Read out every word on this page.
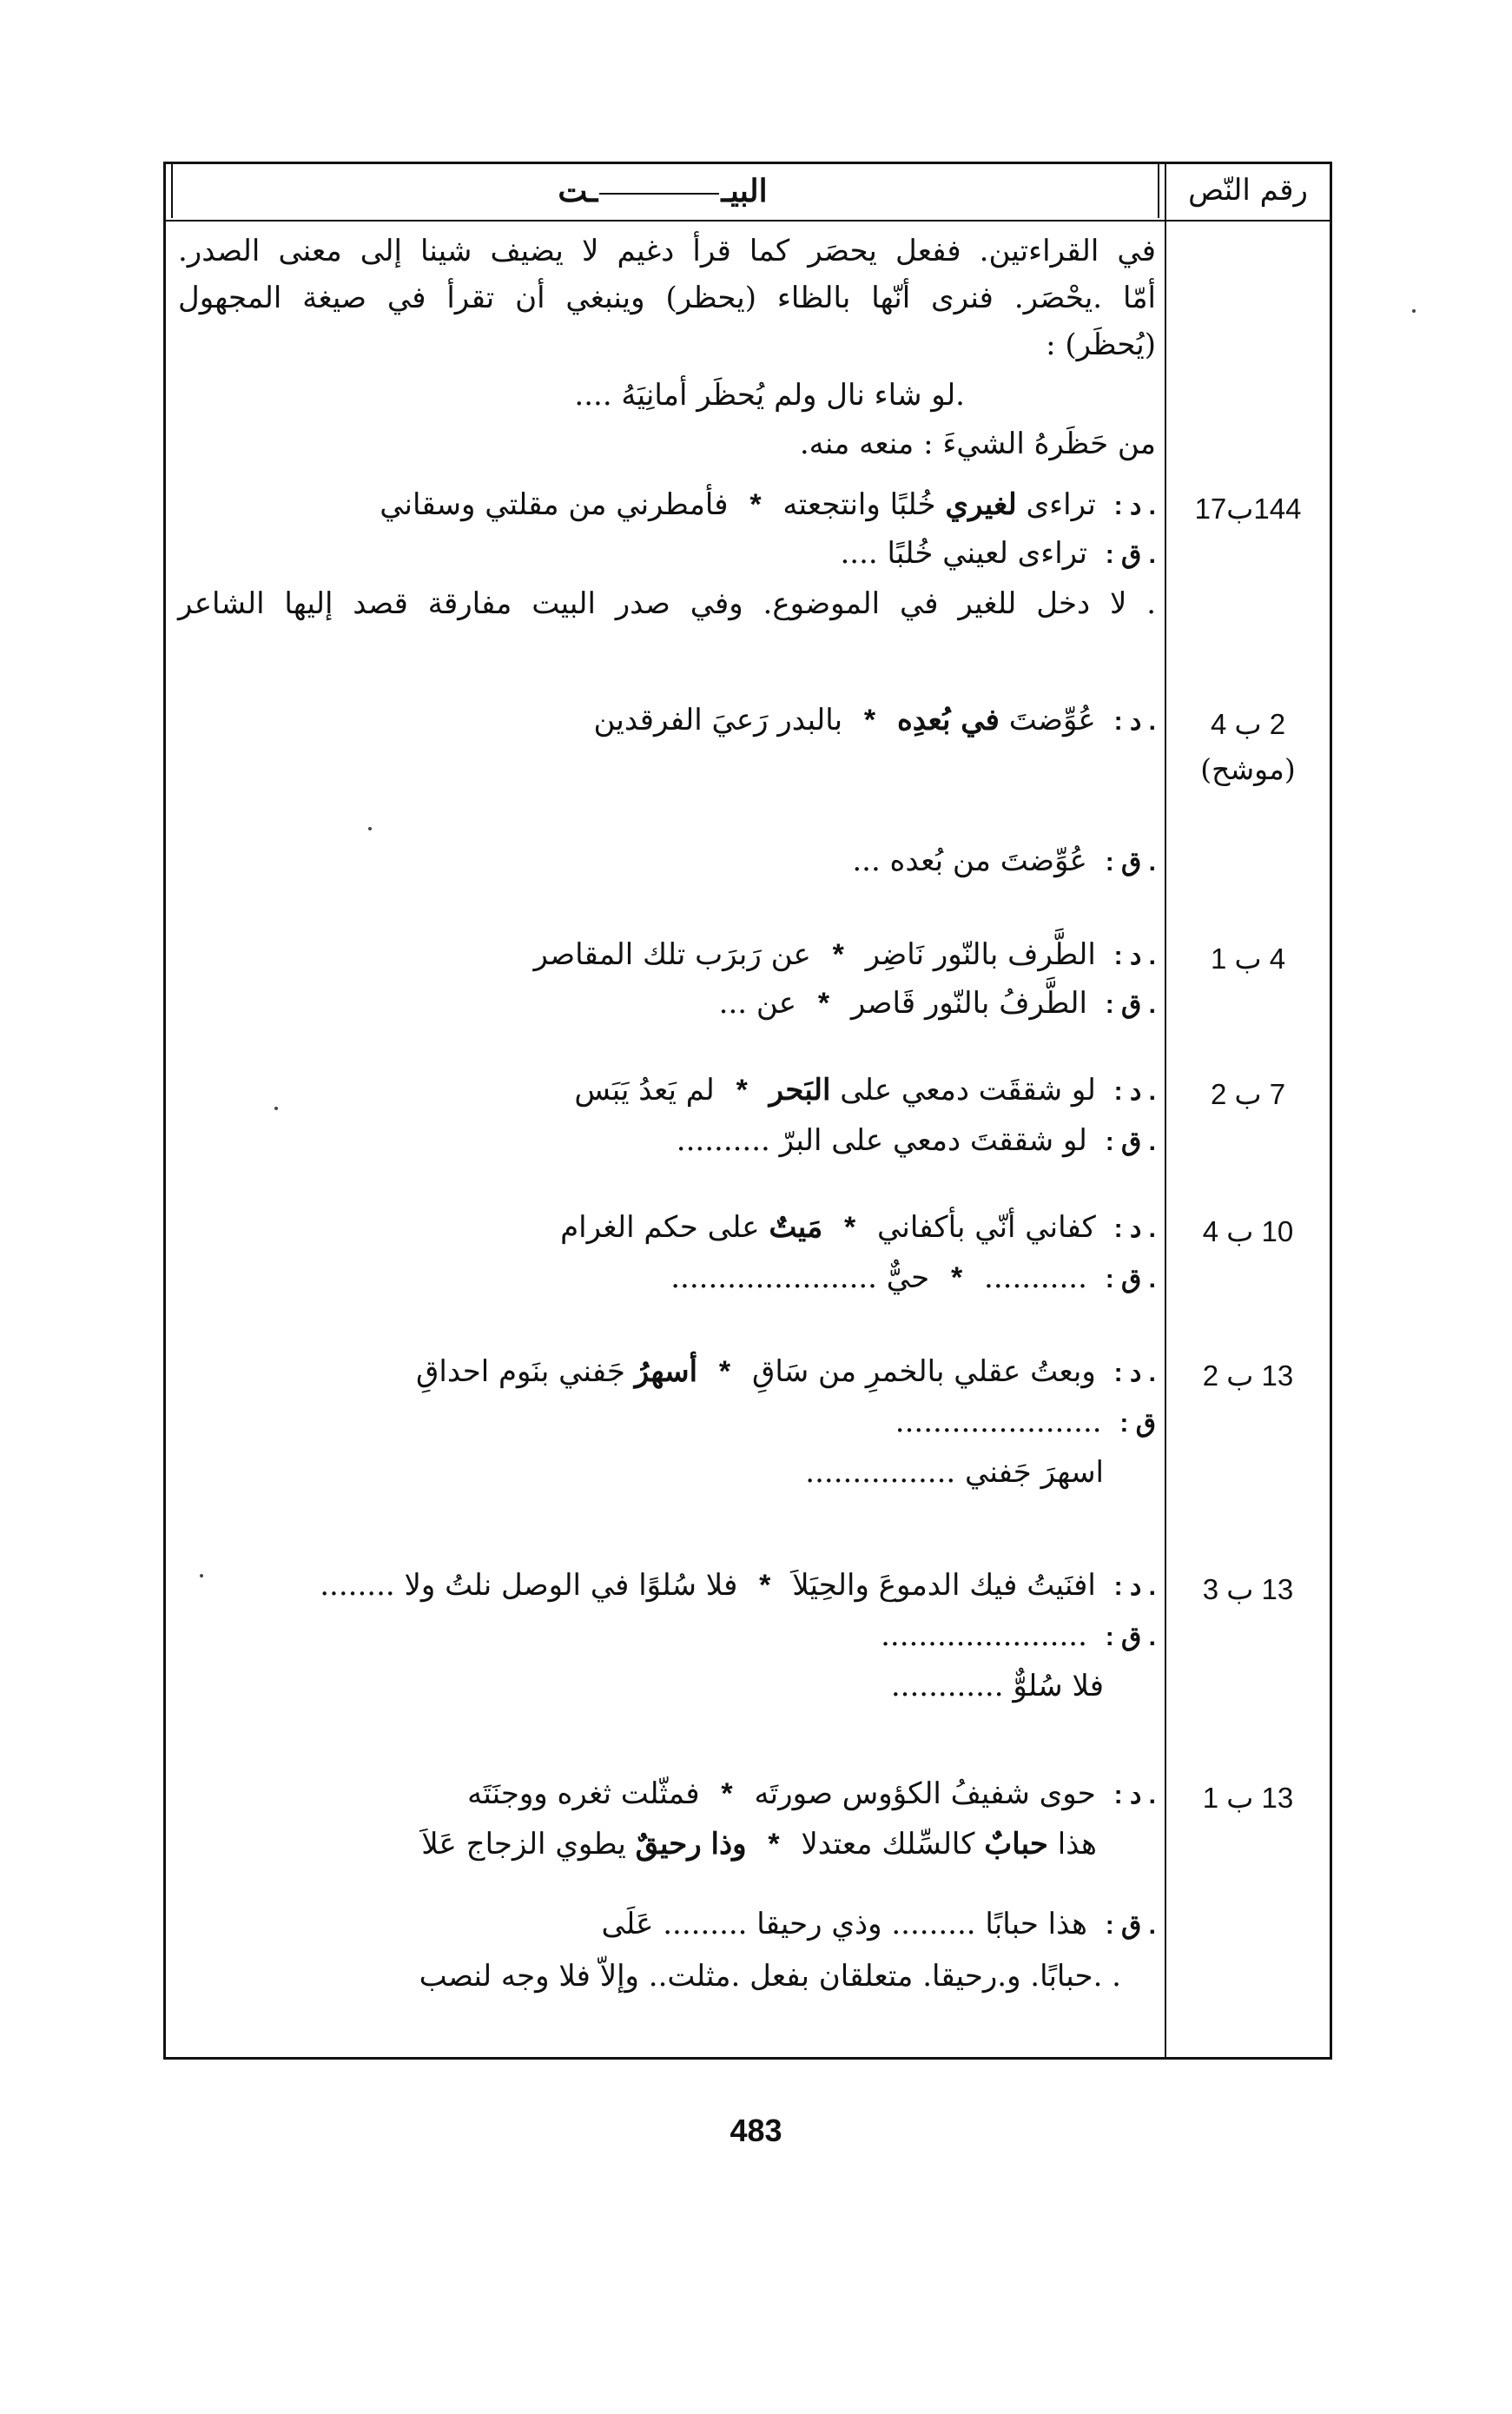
البيــت	رقم النّص
في القراءتين. ففعل يحصَر كما قرأ دغيم لا يضيف شينا إلى معنى الصدر.
أمّا .يحْصَر. فنرى أنّها بالظاء (يحظر) وينبغي أن تقرأ في صيغة المجهول
(يُحظَر) :
.لو شاء نال ولم يُحظَر أمانِيَهُ ....
من حَظَرهُ الشيءَ : منعه منه.
144ب17
. د : تراءى لغيري خُلبًا وانتجعته * فأمطرني من مقلتي وسقاني
. ق : تراءى لعيني خُلبًا ....
. لا دخل للغير في الموضوع. وفي صدر البيت مفارقة قصد إليها الشاعر
2 ب 4
(موشح)
. د : عُوِّضتَ في بُعدِه * بالبدر رَعيَ الفرقدين
. ق : عُوِّضتَ من بُعده ...
4 ب 1
. د : الطَّرف بالنّور نَاضِر * عن رَبرَب تلك المقاصر
. ق : الطَّرفُ بالنّور قَاصر * عن ...
7 ب 2
. د : لو شققَت دمعي على البَحر * لم يَعدُ يَبَس
. ق : لو شققتَ دمعي على البرّ ..........
10 ب 4
. د : كفاني أنّي بأكفاني * مَيتٌ على حكم الغرام
. ق : ........... * حيٌّ ......................
13 ب 2
. د : وبعتُ عقلي بالخمرِ من سَاقِ * أسهرُ جَفني بنَوم احداقِ
ق : ......................
اسهرَ جَفني ................
13 ب 3
. د : افنَيتُ فيك الدموعَ والحِيَلاَ * فلا سُلوًا في الوصل نلتُ ولا ........
. ق : ......................
فلا سُلوٌّ ............
13 ب 1
. د : حوى شفيفُ الكؤوس صورتَه * فمثّلت ثغره ووجنَتَه
هذا حبابٌ كالسِّلك معتدلا * وذا رحيقٌ يطوي الزجاج عَلاَ
. ق : هذا حبابًا ......... وذي رحيقا ......... عَلَى
. .حبابًا. و.رحيقا. متعلقان بفعل .مثلت.. وإلاّ فلا وجه لنصب
483
